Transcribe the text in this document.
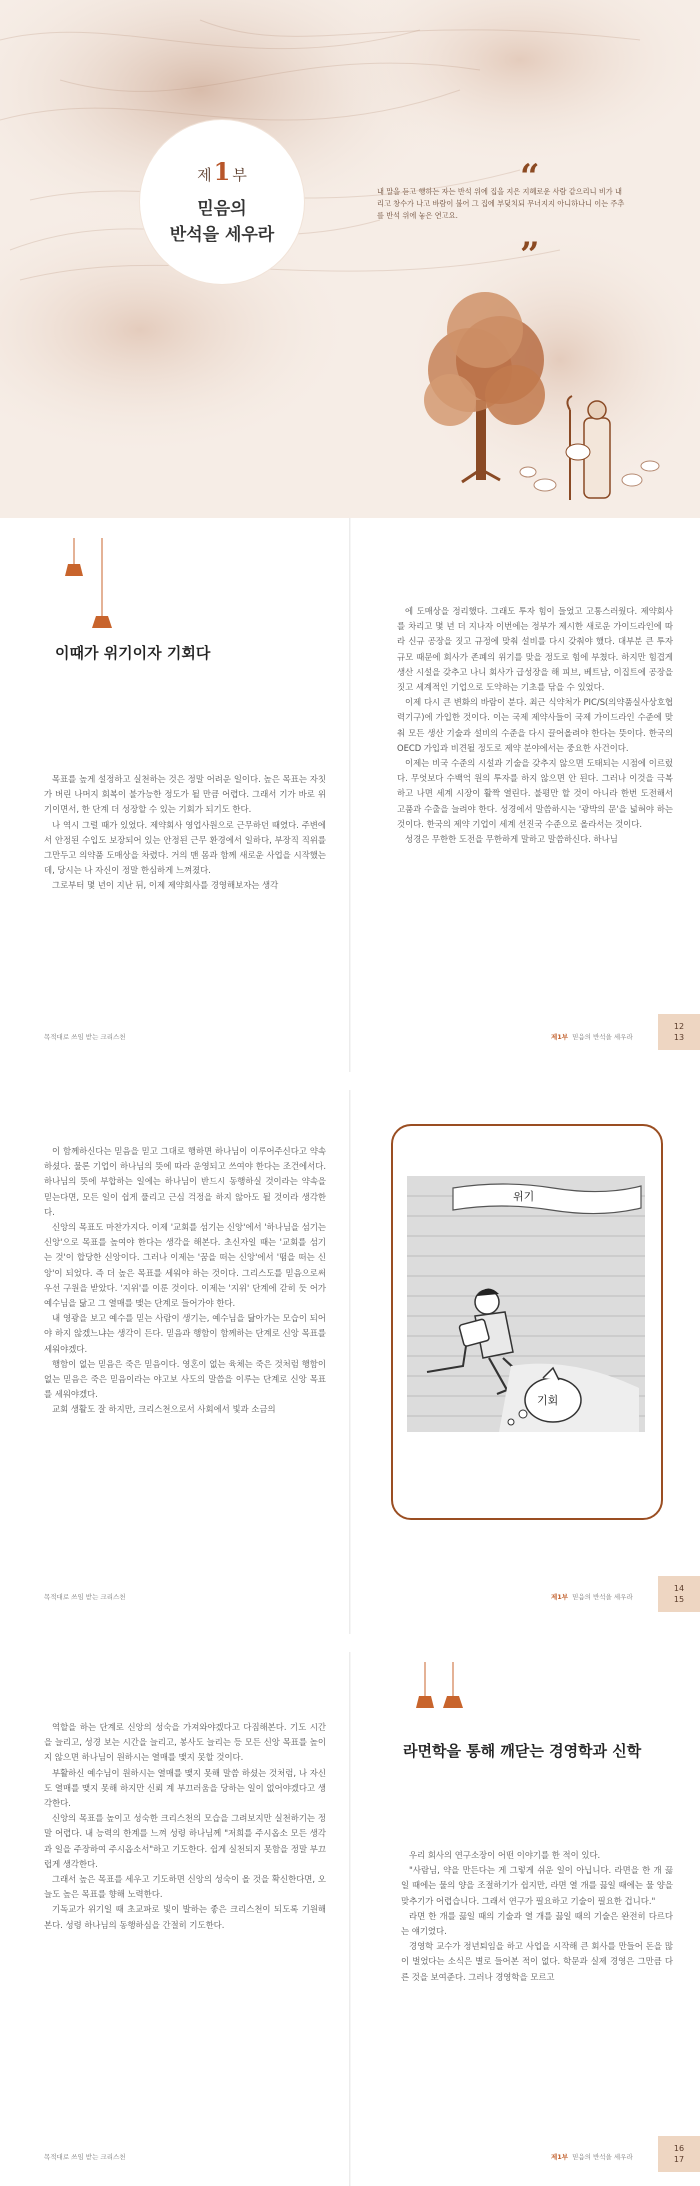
제1 부
믿음의
반석을 세우라
“
내 말을 듣고 행하는 자는 반석 위에 집을 지은 지혜로운 사람 같으리니 비가 내리고 창수가 나고 바람이 불어 그 집에 부딪치되 무너지지 아니하나니 이는 주추를 반석 위에 놓은 연고요.
”
이때가 위기이자 기회다

목표를 높게 설정하고 실천하는 것은 정말 어려운 일이다. 높은 목표는 자칫 가 버린 나머지 회복이 불가능한 정도가 될 만큼 어렵다. 그래서 기가 바로 위기이면서, 한 단계 더 성장할 수 있는 기회가 되기도 한다.

나 역시 그럴 때가 있었다. 제약회사 영업사원으로 근무하던 때였다. 주변에서 안정된 수입도 보장되어 있는 안정된 근무 환경에서 일하다, 부장직 직위를 그만두고 의약품 도매상을 차렸다. 거의 맨 몸과 함께 새로운 사업을 시작했는데, 당시는 나 자신이 정말 한심하게 느껴졌다.

그로부터 몇 년이 지난 뒤, 이제 제약회사를 경영해보자는 생각

목적대로 쓰임 받는 크리스천

에 도매상을 정리했다. 그래도 투자 힘이 들었고 고통스러웠다. 제약회사를 차리고 몇 년 더 지나자 이번에는 정부가 제시한 새로운 가이드라인에 따라 신규 공장을 짓고 규정에 맞춰 설비를 다시 갖춰야 했다. 대부분 큰 투자 규모 때문에 회사가 존폐의 위기를 맞을 정도로 힘에 부쳤다. 하지만 힘겹게 생산 시설을 갖추고 나니 회사가 급성장을 해 피브, 베트남, 이집트에 공장을 짓고 세계적인 기업으로 도약하는 기초를 닦을 수 있었다.

이제 다시 큰 변화의 바람이 분다. 최근 식약처가 PIC/S(의약품실사상호협력기구)에 가입한 것이다. 이는 국제 제약사들이 국제 가이드라인 수준에 맞춰 모든 생산 기술과 설비의 수준을 다시 끌어올려야 한다는 뜻이다. 한국의 OECD 가입과 비견될 정도로 제약 분야에서는 중요한 사건이다.

이제는 비국 수준의 시설과 기술을 갖추지 않으면 도태되는 시점에 이르렀다. 무엇보다 수백억 원의 투자를 하지 않으면 안 된다. 그러나 이것을 극복하고 나면 세계 시장이 활짝 열린다. 불평만 할 것이 아니라 한번 도전해서 고품과 수출을 늘려야 한다. 성경에서 말씀하시는 '광박의 문'을 넓혀야 하는 것이다. 한국의 제약 기업이 세계 선진국 수준으로 올라서는 것이다.

성경은 무한한 도전을 무한하게 말하고 말씀하신다. 하나님

제1부 믿음의 반석을 세우라
12
13

이 함께하신다는 믿음을 믿고 그대로 행하면 하나님이 이루어주신다고 약속하셨다. 물론 기업이 하나님의 뜻에 따라 운영되고 쓰여야 한다는 조건에서다. 하나님의 뜻에 부합하는 일에는 하나님이 반드시 동행하실 것이라는 약속을 믿는다면, 모든 일이 쉽게 풀리고 근심 걱정을 하지 않아도 될 것이라 생각한다.

신앙의 목표도 마찬가지다. 이제 '교회를 섬기는 신앙'에서 '하나님을 섬기는 신앙'으로 목표를 높여야 한다는 생각을 해본다. 초신자일 때는 '교회를 섬기는 것'이 합당한 신앙이다. 그러나 이제는 '꿈을 떠는 신앙'에서 '떰을 떠는 신앙'이 되었다. 즉 더 높은 목표를 세워야 하는 것이다. 그리스도를 믿음으로써 우선 구원을 받았다. '지위'를 이룬 것이다. 이제는 '지위' 단계에 갇히 듯 어가 예수님을 닮고 그 열매를 맺는 단계로 들어가야 한다.

내 영광을 보고 예수를 믿는 사람이 생기는, 예수님을 닮아가는 모습이 되어야 하지 않겠느냐는 생각이 든다. 믿음과 행함이 함께하는 단계로 신앙 목표를 세워야겠다.

행함이 없는 믿음은 죽은 믿음이다. 영혼이 없는 육체는 죽은 것처럼 행함이 없는 믿음은 죽은 믿음이라는 야고보 사도의 말씀을 이루는 단계로 신앙 목표를 세워야겠다.

교회 생활도 잘 하지만, 크리스천으로서 사회에서 빛과 소금의

목적대로 쓰임 받는 크리스천
위기
기회
제1부 믿음의 반석을 세우라
14
15

역할을 하는 단계로 신앙의 성숙을 가져와야겠다고 다짐해본다. 기도 시간을 늘리고, 성경 보는 시간을 늘리고, 봉사도 늘리는 등 모든 신앙 목표를 높이지 않으면 하나님이 원하시는 열매를 맺지 못할 것이다.

부활하신 예수님이 원하시는 열매를 맺지 못해 말씀 하셨는 것처럼, 나 자신도 열매를 맺지 못해 하지만 신뢰 계 부끄러움을 당하는 일이 없어야겠다고 생각한다.

신앙의 목표를 높이고 성숙한 크리스천의 모습을 그려보지만 실천하기는 정말 어렵다. 내 능력의 한계를 느껴 성령 하나님께 "저희를 주시옵소 모든 생각과 일을 주장하여 주시옵소서"하고 기도한다. 쉽게 실천되지 못함을 정말 부끄럽게 생각한다.

그래서 높은 목표를 세우고 기도하면 신앙의 성숙이 올 것을 확신한다면, 오늘도 높은 목표를 향해 노력한다.

기독교가 위기일 때 초교파로 빛이 발하는 좋은 크리스천이 되도록 기원해본다. 성령 하나님의 동행하심을 간절히 기도한다.

목적대로 쓰임 받는 크리스천
라면학을 통해 깨닫는 경영학과 신학

우리 회사의 연구소장이 어떤 이야기를 한 적이 있다.

"사람님, 약을 만든다는 게 그렇게 쉬운 일이 아닙니다. 라면을 한 개 끓일 때에는 물의 양을 조절하기가 쉽지만, 라면 열 개를 끓일 때에는 물 양을 맞추기가 어렵습니다. 그래서 연구가 필요하고 기술이 필요한 겁니다."

라면 한 개를 끓일 때의 기술과 열 개를 끓일 때의 기술은 완전히 다르다는 얘기였다.

경영학 교수가 정년퇴임을 하고 사업을 시작해 큰 회사를 만들어 돈을 많이 벌었다는 소식은 별로 들어본 적이 없다. 학문과 실제 경영은 그만큼 다른 것을 보여준다. 그러나 경영학을 모르고

제1부 믿음의 반석을 세우라
16
17
